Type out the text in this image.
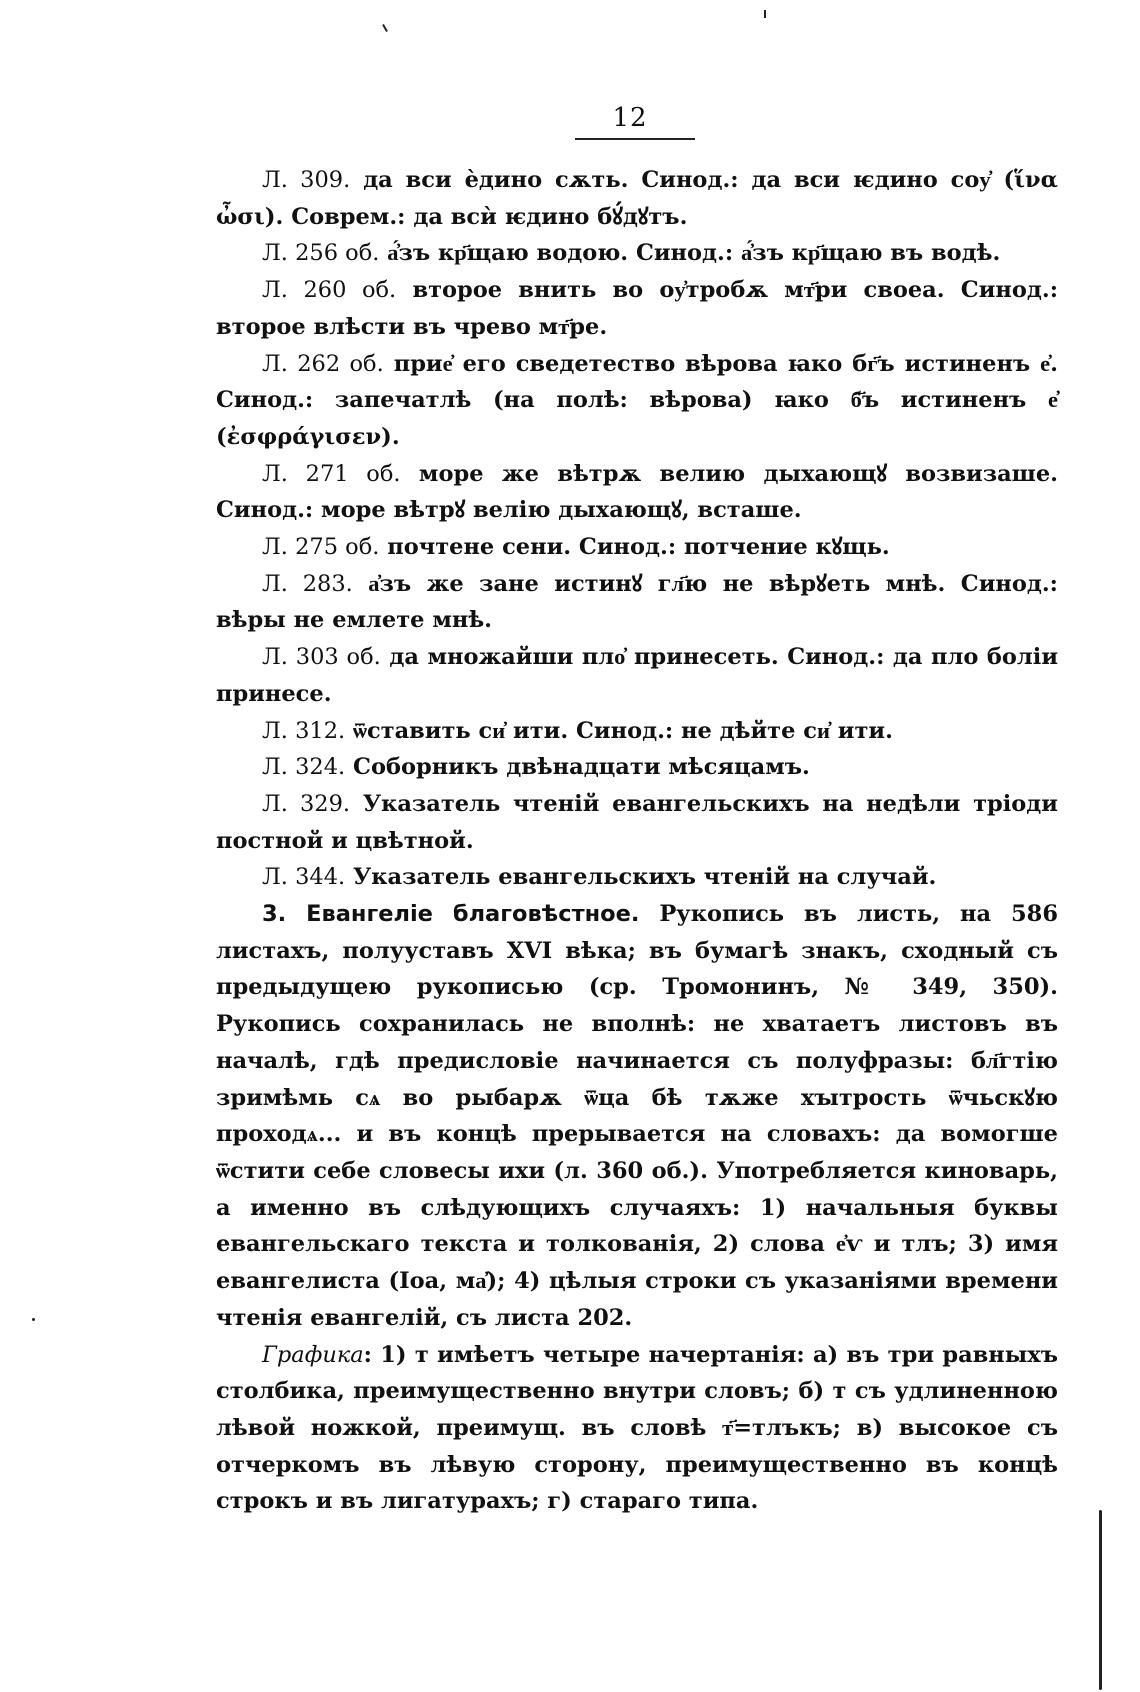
12

Л. 309. да вси ѐдино сѫть. Синод.: да вси ѥдино соу҆ (ἵνα ὦσι). Соврем.: да всѝ ѥдино бꙋ́дꙋтъ.

Л. 256 об. а҆́зъ кр҃щаю водою. Синод.: а҆́зъ кр҃щаю въ водѣ.

Л. 260 об. второе внить во оу҆тробѫ мт҃ри своеа. Синод.: второе влѣсти въ чрево мт҃ре.

Л. 262 об. прие҆ его сведетество вѣрова ꙗко бг҃ъ истиненъ е҆. Синод.: запечатлѣ (на полѣ: вѣрова) ꙗко б҃ъ истиненъ е҆ (ἐσφράγισεν).

Л. 271 об. море же вѣтрѫ велию дыхающꙋ возвизаше. Синод.: море вѣтрꙋ велію дыхающꙋ, всташе.

Л. 275 об. почтене сени. Синод.: потчение кꙋщь.

Л. 283. а҆зъ же зане истинꙋ гл҃ю не вѣрꙋеть мнѣ. Синод.: вѣры не емлете мнѣ.

Л. 303 об. да множайши пло҆ принесеть. Синод.: да пло боліи принесе.

Л. 312. ѿставить си҆ ити. Синод.: не дѣйте си҆ ити.

Л. 324. Соборникъ двѣнадцати мѣсяцамъ.

Л. 329. Указатель чтеній евангельскихъ на недѣли тріоди постной и цвѣтной.

Л. 344. Указатель евангельскихъ чтеній на случай.

3. Евангеліе благовѣстное. Рукопись въ листь, на 586 листахъ, полууставъ XVI вѣка; въ бумагѣ знакъ, сходный съ предыдущею рукописью (ср. Тромонинъ, № 349, 350). Рукопись сохранилась не вполнѣ: не хватаетъ листовъ въ началѣ, гдѣ предисловіе начинается съ полуфразы: бл҃гтію зримѣмь сѧ во рыбарѫ ѿца бѣ тѫже хꙑтрость ѿчьскꙋю проходѧ... и въ концѣ прерывается на словахъ: да вомогше ѿстити себе словесы ихи (л. 360 об.). Употребляется киноварь, а именно въ слѣдующихъ случаяхъ: 1) начальныя буквы евангельскаго текста и толкованія, 2) слова е҆ѵ и тлъ; 3) имя евангелиста (Іоа, ма҆); 4) цѣлыя строки съ указаніями времени чтенія евангелій, съ листа 202.

Графика: 1) т имѣетъ четыре начертанія: а) въ три равныхъ столбика, преимущественно внутри словъ; б) т съ удлиненною лѣвой ножкой, преимущ. въ словѣ т҃=тлъкъ; в) высокое съ отчеркомъ въ лѣвую сторону, преимущественно въ концѣ строкъ и въ лигатурахъ; г) стараго типа.
